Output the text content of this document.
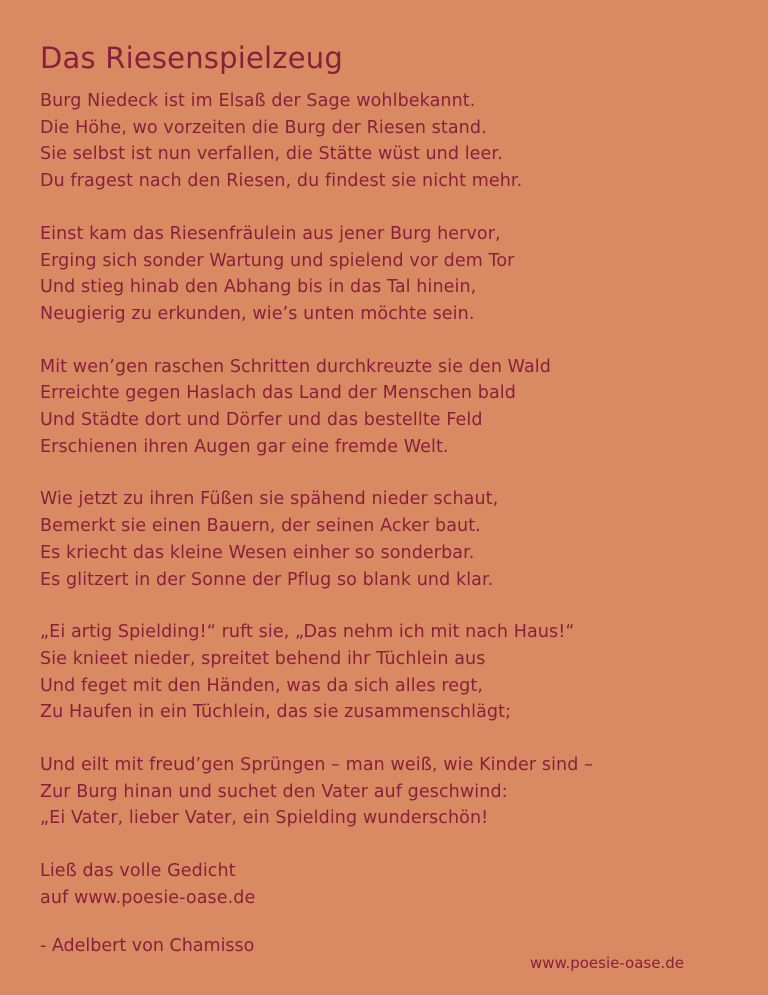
Das Riesenspielzeug
Burg Niedeck ist im Elsaß der Sage wohlbekannt.
Die Höhe, wo vorzeiten die Burg der Riesen stand.
Sie selbst ist nun verfallen, die Stätte wüst und leer.
Du fragest nach den Riesen, du findest sie nicht mehr.
Einst kam das Riesenfräulein aus jener Burg hervor,
Erging sich sonder Wartung und spielend vor dem Tor
Und stieg hinab den Abhang bis in das Tal hinein,
Neugierig zu erkunden, wie’s unten möchte sein.
Mit wen’gen raschen Schritten durchkreuzte sie den Wald
Erreichte gegen Haslach das Land der Menschen bald
Und Städte dort und Dörfer und das bestellte Feld
Erschienen ihren Augen gar eine fremde Welt.
Wie jetzt zu ihren Füßen sie spähend nieder schaut,
Bemerkt sie einen Bauern, der seinen Acker baut.
Es kriecht das kleine Wesen einher so sonderbar.
Es glitzert in der Sonne der Pflug so blank und klar.
„Ei artig Spielding!“ ruft sie, „Das nehm ich mit nach Haus!“
Sie knieet nieder, spreitet behend ihr Tüchlein aus
Und feget mit den Händen, was da sich alles regt,
Zu Haufen in ein Tüchlein, das sie zusammenschlägt;
Und eilt mit freud’gen Sprüngen – man weiß, wie Kinder sind –
Zur Burg hinan und suchet den Vater auf geschwind:
„Ei Vater, lieber Vater, ein Spielding wunderschön!
Ließ das volle Gedicht
auf www.poesie-oase.de
- Adelbert von Chamisso
www.poesie-oase.de
